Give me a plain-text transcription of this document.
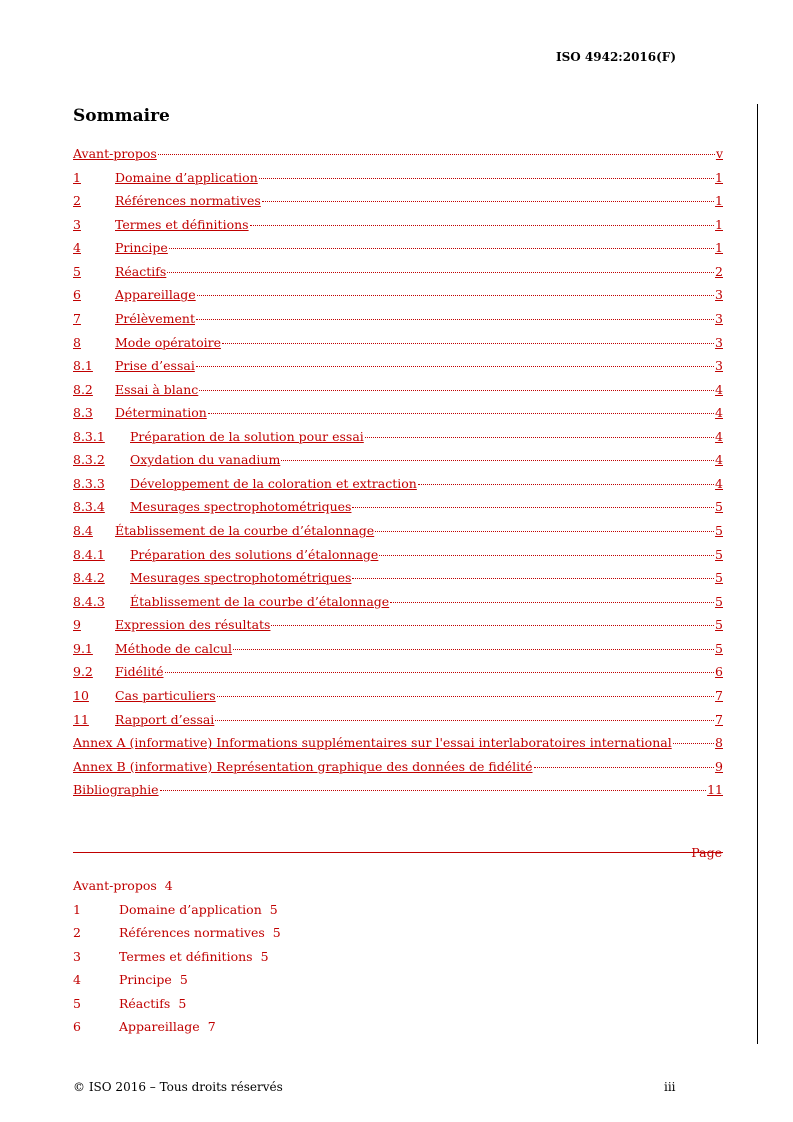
ISO 4942:2016(F)
Sommaire
Avant-propos	v
1	Domaine d’application	1
2	Références normatives	1
3	Termes et définitions	1
4	Principe	1
5	Réactifs	2
6	Appareillage	3
7	Prélèvement	3
8	Mode opératoire	3
8.1	Prise d’essai	3
8.2	Essai à blanc	4
8.3	Détermination	4
8.3.1	Préparation de la solution pour essai	4
8.3.2	Oxydation du vanadium	4
8.3.3	Développement de la coloration et extraction	4
8.3.4	Mesurages spectrophotométriques	5
8.4	Établissement de la courbe d’étalonnage	5
8.4.1	Préparation des solutions d’étalonnage	5
8.4.2	Mesurages spectrophotométriques	5
8.4.3	Établissement de la courbe d’étalonnage	5
9	Expression des résultats	5
9.1	Méthode de calcul	5
9.2	Fidélité	6
10	Cas particuliers	7
11	Rapport d’essai	7
Annex A (informative) Informations supplémentaires sur l'essai interlaboratoires international	8
Annex B (informative) Représentation graphique des données de fidélité	9
Bibliographie	11
Page
Avant-propos 4
1	Domaine d’application 5
2	Références normatives 5
3	Termes et définitions 5
4	Principe 5
5	Réactifs 5
6	Appareillage 7
© ISO 2016 – Tous droits réservés	iii
